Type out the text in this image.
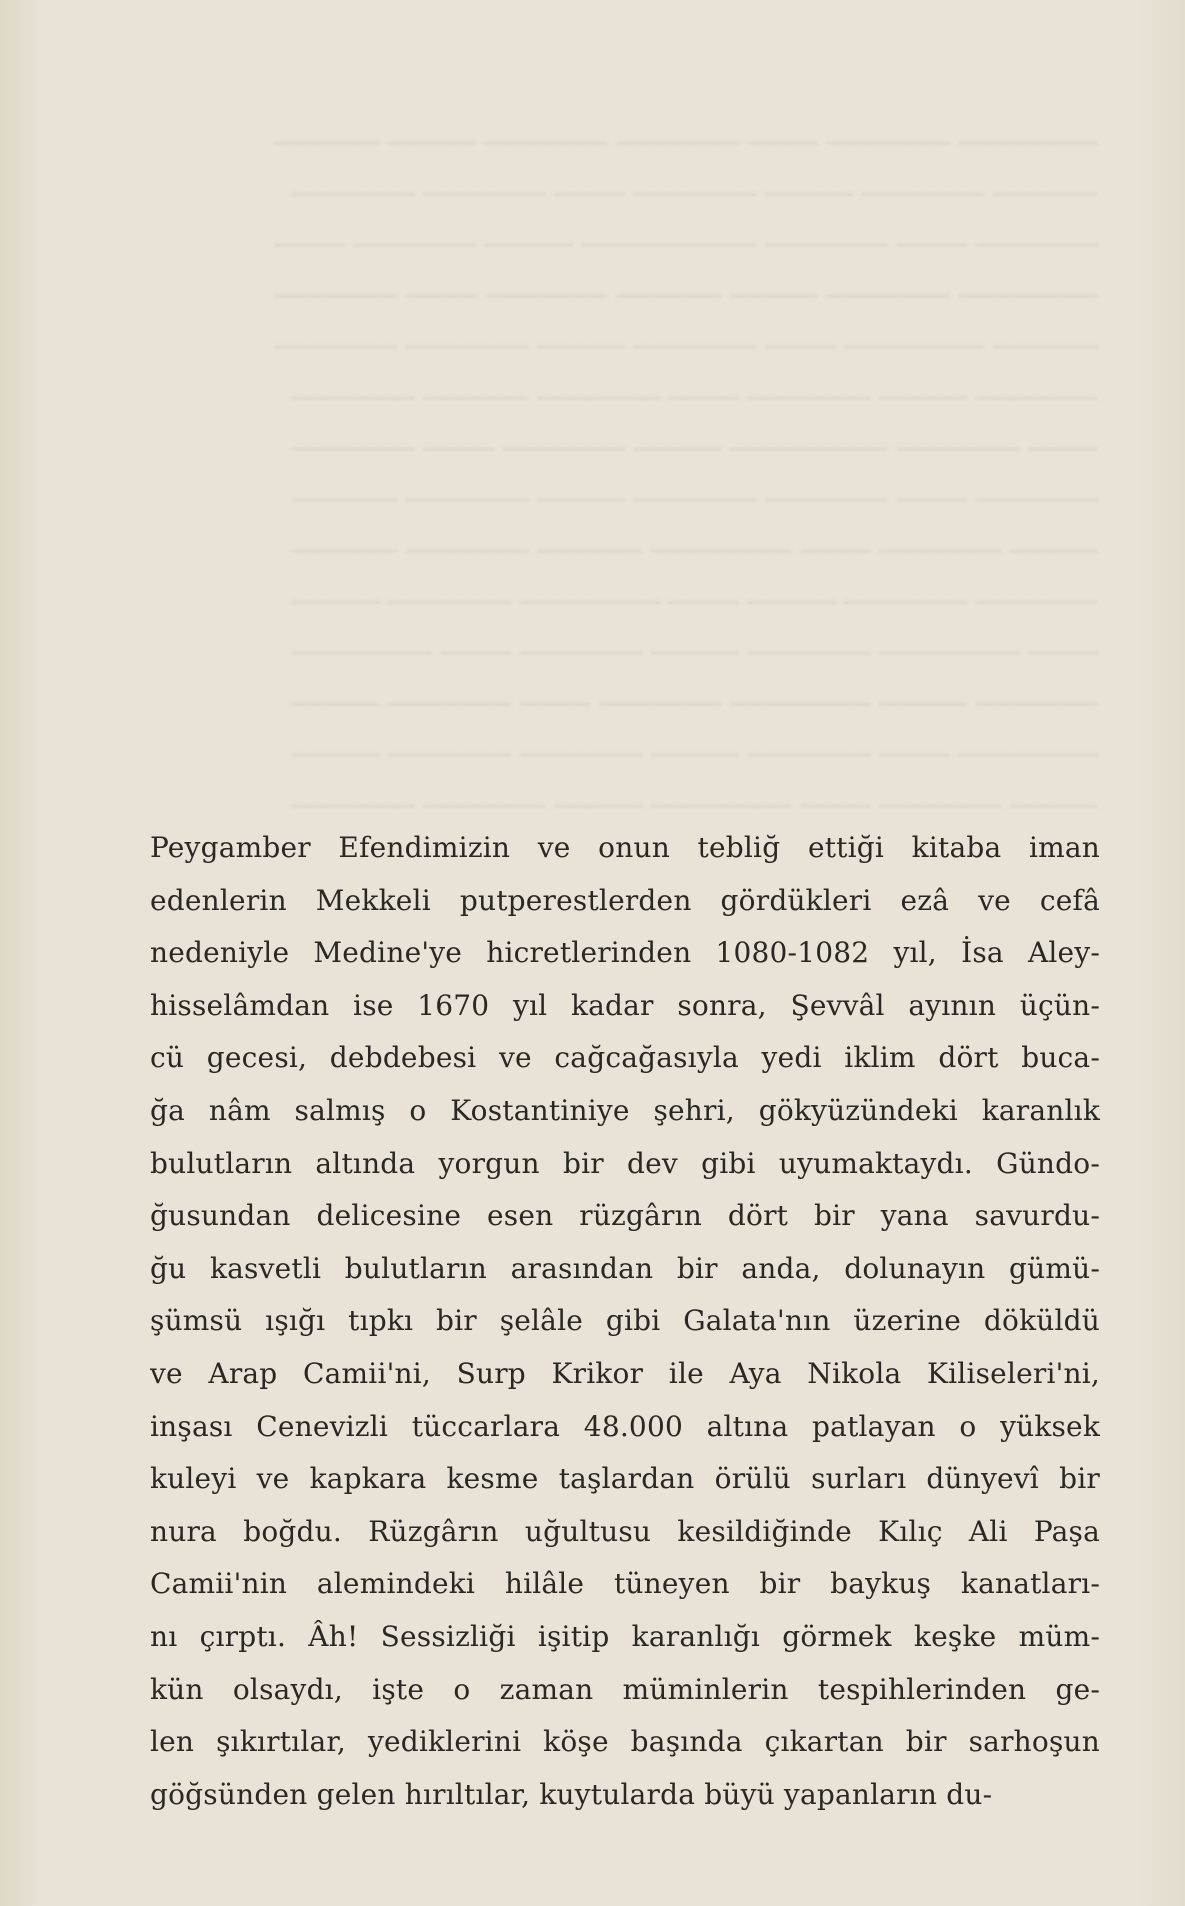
──────── ─────── ──── ─────── ─────── ───── ──────
────── ─────── ───── ─────── ──── ─────── ───────
─────── ──── ─────── ────────── ───── ─────── ────
──────── ─────── ───── ────── ─────── ──── ───────
────── ──────── ──── ─────── ───── ─────── ───────
─────── ───── ─────── ──── ─────── ────── ───────
──── ─────── ───────── ───── ─────── ──── ───────
─────── ──── ─────── ─────── ───── ─────── ──────
───── ─────── ──── ──────── ────── ─────── ──────
─────── ─────── ───── ──── ──────── ─────── ─────
──── ──────── ─────── ───── ─────── ──── ────────
─────── ───── ──────── ─────── ──── ─────── ─────
──────── ──── ─────── ───── ─────── ─────── ─────
───── ─────── ──── ──────── ───── ─────── ───────
Peygamber Efendimizin ve onun tebliğ ettiği kitaba iman
edenlerin Mekkeli putperestlerden gördükleri ezâ ve cefâ
nedeniyle Medine'ye hicretlerinden 1080-1082 yıl, İsa Aley-
hisselâmdan ise 1670 yıl kadar sonra, Şevvâl ayının üçün-
cü gecesi, debdebesi ve cağcağasıyla yedi iklim dört buca-
ğa nâm salmış o Kostantiniye şehri, gökyüzündeki karanlık
bulutların altında yorgun bir dev gibi uyumaktaydı. Gündo-
ğusundan delicesine esen rüzgârın dört bir yana savurdu-
ğu kasvetli bulutların arasından bir anda, dolunayın gümü-
şümsü ışığı tıpkı bir şelâle gibi Galata'nın üzerine döküldü
ve Arap Camii'ni, Surp Krikor ile Aya Nikola Kiliseleri'ni,
inşası Cenevizli tüccarlara 48.000 altına patlayan o yüksek
kuleyi ve kapkara kesme taşlardan örülü surları dünyevî bir
nura boğdu. Rüzgârın uğultusu kesildiğinde Kılıç Ali Paşa
Camii'nin alemindeki hilâle tüneyen bir baykuş kanatları-
nı çırptı. Âh! Sessizliği işitip karanlığı görmek keşke müm-
kün olsaydı, işte o zaman müminlerin tespihlerinden ge-
len şıkırtılar, yediklerini köşe başında çıkartan bir sarhoşun
göğsünden gelen hırıltılar, kuytularda büyü yapanların du-
